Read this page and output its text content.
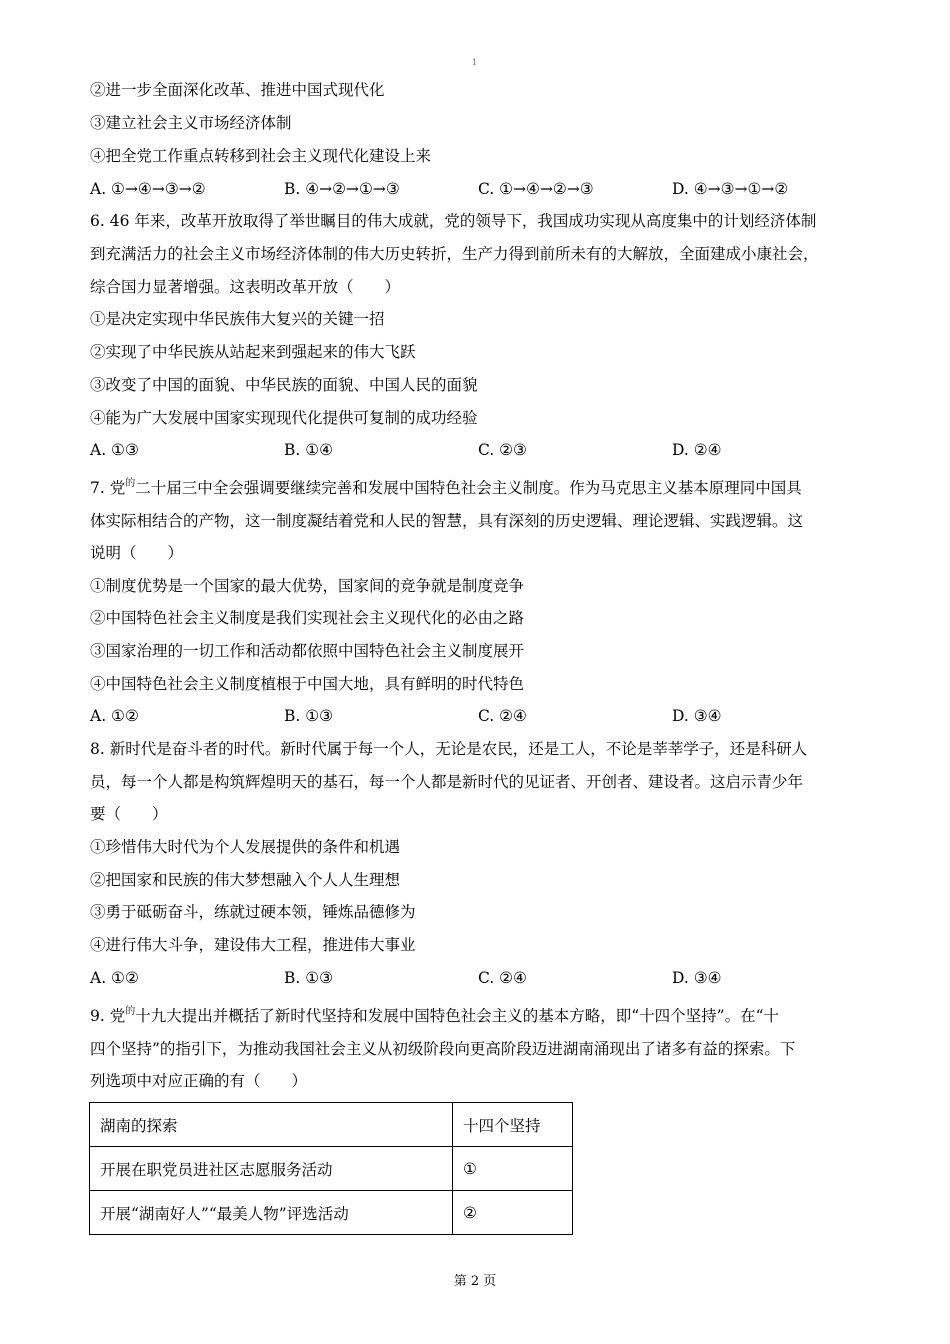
1
②进一步全面深化改革、推进中国式现代化
③建立社会主义市场经济体制
④把全党工作重点转移到社会主义现代化建设上来
A. ①→④→③→②	B. ④→②→①→③	C. ①→④→②→③	D. ④→③→①→②
6. 46 年来，改革开放取得了举世瞩目的伟大成就，党的领导下，我国成功实现从高度集中的计划经济体制
到充满活力的社会主义市场经济体制的伟大历史转折，生产力得到前所未有的大解放，全面建成小康社会，
综合国力显著增强。这表明改革开放（　　）
①是决定实现中华民族伟大复兴的关键一招
②实现了中华民族从站起来到强起来的伟大飞跃
③改变了中国的面貌、中华民族的面貌、中国人民的面貌
④能为广大发展中国家实现现代化提供可复制的成功经验
A. ①③	B. ①④	C. ②③	D. ②④
7. 党$^的$二十届三中全会强调要继续完善和发展中国特色社会主义制度。作为马克思主义基本原理同中国具
体实际相结合的产物，这一制度凝结着党和人民的智慧，具有深刻的历史逻辑、理论逻辑、实践逻辑。这
说明（　　）
①制度优势是一个国家的最大优势，国家间的竞争就是制度竞争
②中国特色社会主义制度是我们实现社会主义现代化的必由之路
③国家治理的一切工作和活动都依照中国特色社会主义制度展开
④中国特色社会主义制度植根于中国大地，具有鲜明的时代特色
A. ①②	B. ①③	C. ②④	D. ③④
8. 新时代是奋斗者的时代。新时代属于每一个人，无论是农民，还是工人，不论是莘莘学子，还是科研人
员，每一个人都是构筑辉煌明天的基石，每一个人都是新时代的见证者、开创者、建设者。这启示青少年
要（　　）
①珍惜伟大时代为个人发展提供的条件和机遇
②把国家和民族的伟大梦想融入个人人生理想
③勇于砥砺奋斗，练就过硬本领，锤炼品德修为
④进行伟大斗争，建设伟大工程，推进伟大事业
A. ①②	B. ①③	C. ②④	D. ③④
9. 党$^的$十九大提出并概括了新时代坚持和发展中国特色社会主义的基本方略，即“十四个坚持”。在“十
四个坚持”的指引下，为推动我国社会主义从初级阶段向更高阶段迈进湖南涌现出了诸多有益的探索。下
列选项中对应正确的有（　　）
湖南的探索	十四个坚持
开展在职党员进社区志愿服务活动	①
开展“湖南好人”“最美人物”评选活动	②
第 2 页
